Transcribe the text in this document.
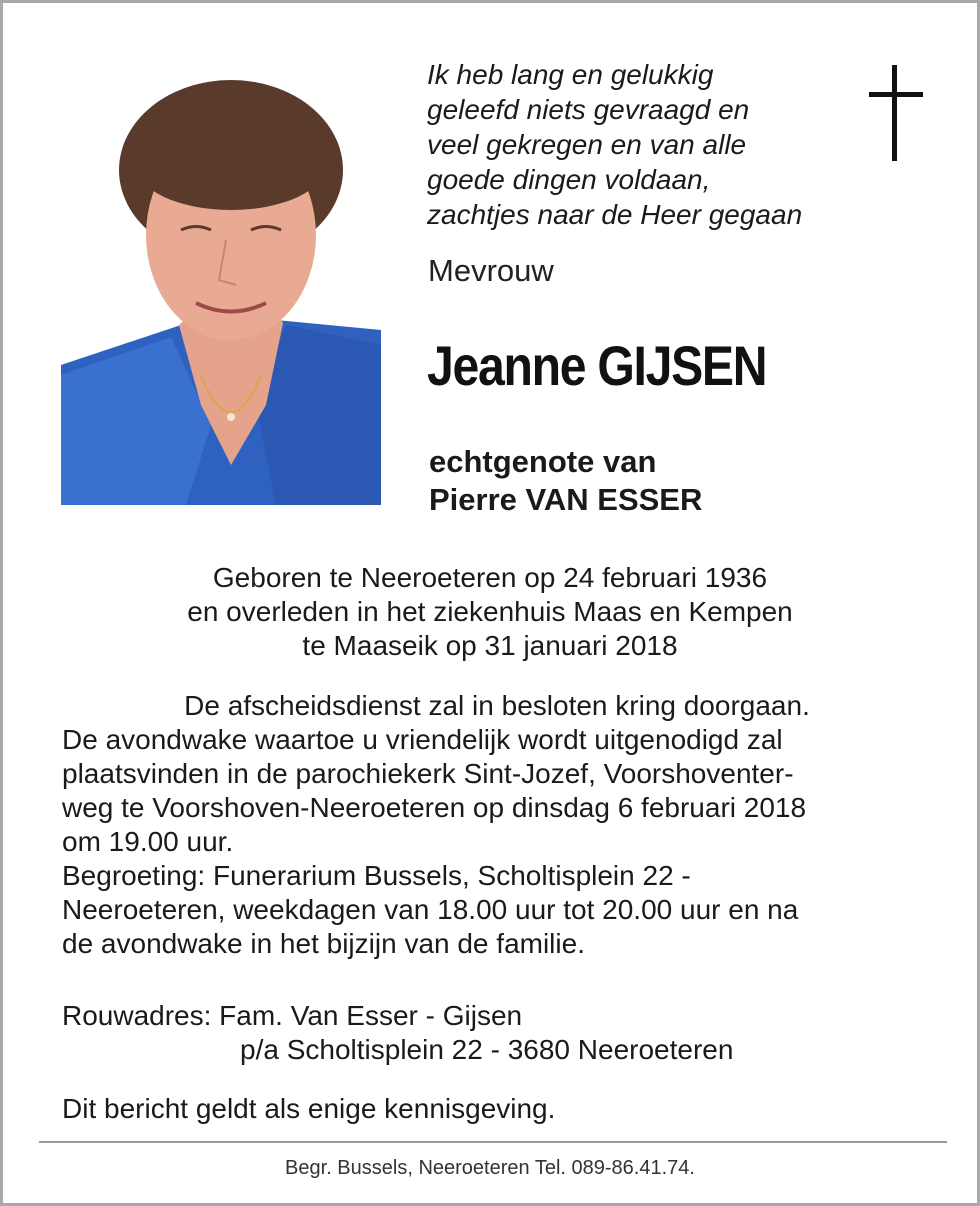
Ik heb lang en gelukkig
geleefd niets gevraagd en
veel gekregen en van alle
goede dingen voldaan,
zachtjes naar de Heer gegaan
Mevrouw
Jeanne GIJSEN
echtgenote van
Pierre VAN ESSER
Geboren te Neeroeteren op 24 februari 1936
en overleden in het ziekenhuis Maas en Kempen
te Maaseik op 31 januari 2018
De afscheidsdienst zal in besloten kring doorgaan.
De avondwake waartoe u vriendelijk wordt uitgenodigd zal
plaatsvinden in de parochiekerk Sint-Jozef, Voorshoventer-
weg te Voorshoven-Neeroeteren op dinsdag 6 februari 2018
om 19.00 uur.
Begroeting: Funerarium Bussels, Scholtisplein 22 -
Neeroeteren, weekdagen van 18.00 uur tot 20.00 uur en na
de avondwake in het bijzijn van de familie.
Rouwadres: Fam. Van Esser - Gijsen
p/a Scholtisplein 22 - 3680 Neeroeteren
Dit bericht geldt als enige kennisgeving.
Begr. Bussels, Neeroeteren Tel. 089-86.41.74.
